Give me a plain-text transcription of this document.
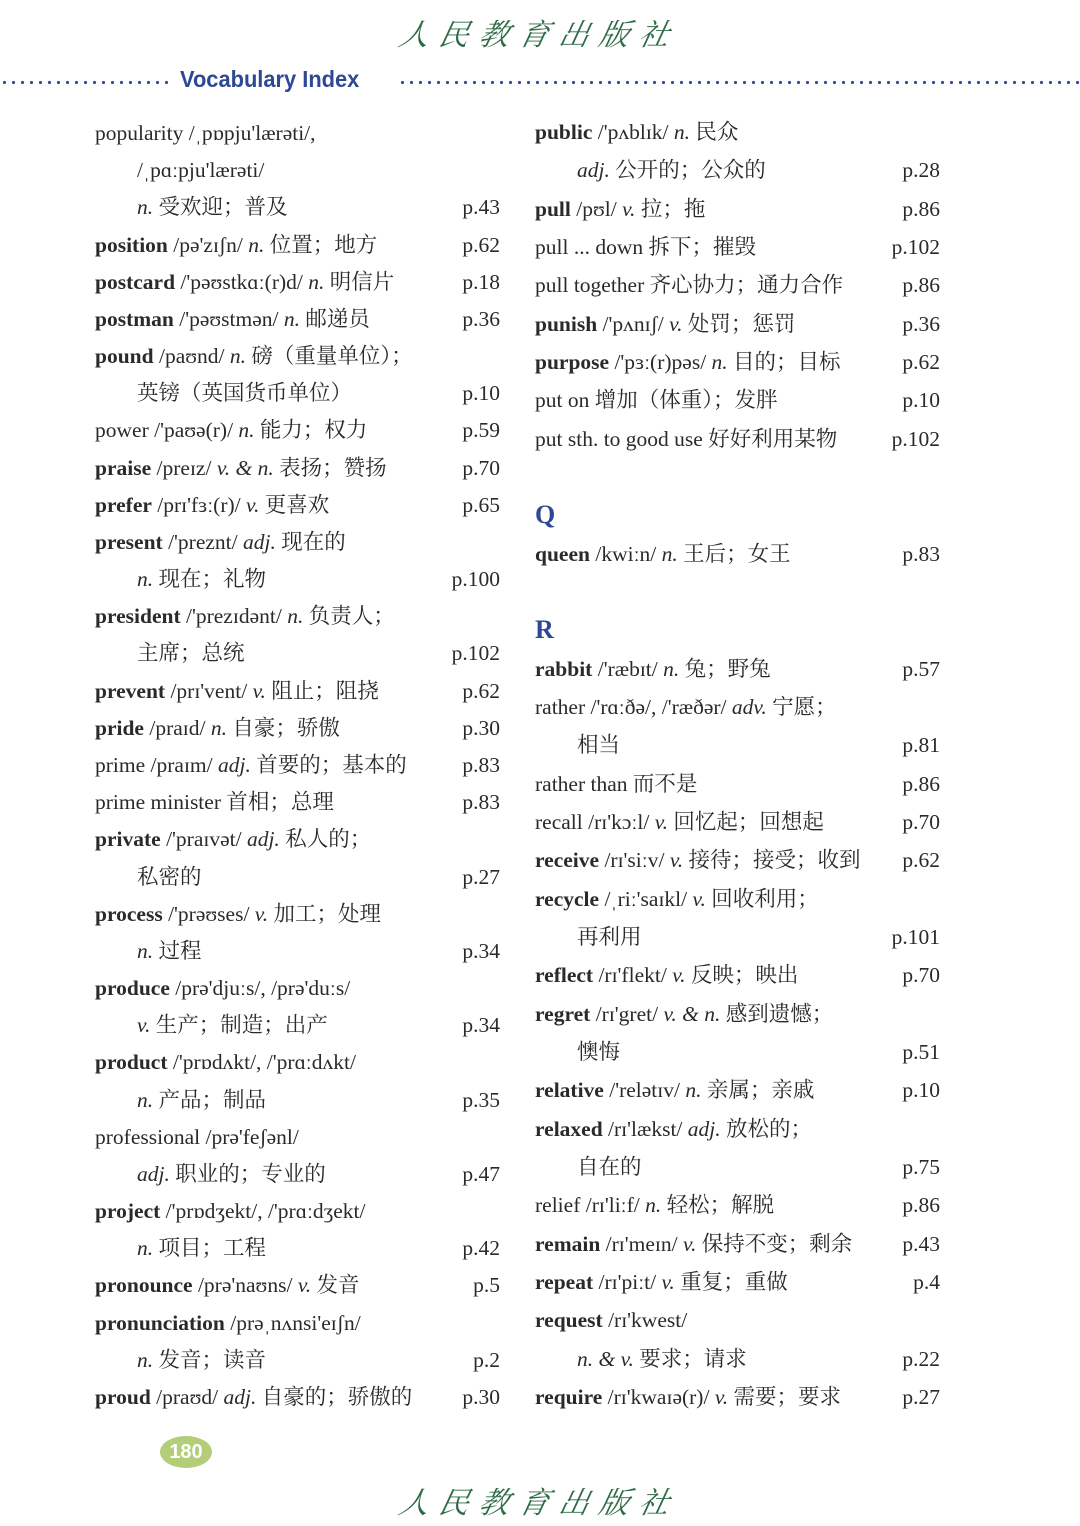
人民教育出版社
Vocabulary Index
popularity /ˌpɒpju'lærəti/,
/ˌpɑːpju'lærəti/
n. 受欢迎；普及	p.43
position /pə'zɪʃn/ n. 位置；地方	p.62
postcard /'pəʊstkɑː(r)d/ n. 明信片	p.18
postman /'pəʊstmən/ n. 邮递员	p.36
pound /paʊnd/ n. 磅（重量单位）；
英镑（英国货币单位）	p.10
power /'paʊə(r)/ n. 能力；权力	p.59
praise /preɪz/ v. & n. 表扬；赞扬	p.70
prefer /prɪ'fɜː(r)/ v. 更喜欢	p.65
present /'preznt/ adj. 现在的
n. 现在；礼物	p.100
president /'prezɪdənt/ n. 负责人；
主席；总统	p.102
prevent /prɪ'vent/ v. 阻止；阻挠	p.62
pride /praɪd/ n. 自豪；骄傲	p.30
prime /praɪm/ adj. 首要的；基本的	p.83
prime minister 首相；总理	p.83
private /'praɪvət/ adj. 私人的；
私密的	p.27
process /'prəʊses/ v. 加工；处理
n. 过程	p.34
produce /prə'djuːs/, /prə'duːs/
v. 生产；制造；出产	p.34
product /'prɒdʌkt/, /'prɑːdʌkt/
n. 产品；制品	p.35
professional /prə'feʃənl/
adj. 职业的；专业的	p.47
project /'prɒdʒekt/, /'prɑːdʒekt/
n. 项目；工程	p.42
pronounce /prə'naʊns/ v. 发音	p.5
pronunciation /prəˌnʌnsi'eɪʃn/
n. 发音；读音	p.2
proud /praʊd/ adj. 自豪的；骄傲的 p.30
public /'pʌblɪk/ n. 民众
adj. 公开的；公众的	p.28
pull /pʊl/ v. 拉；拖	p.86
pull ... down 拆下；摧毁	p.102
pull together 齐心协力；通力合作	p.86
punish /'pʌnɪʃ/ v. 处罚；惩罚	p.36
purpose /'pɜː(r)pəs/ n. 目的；目标	p.62
put on 增加（体重）；发胖	p.10
put sth. to good use 好好利用某物	p.102
Q
queen /kwiːn/ n. 王后；女王	p.83
R
rabbit /'ræbɪt/ n. 兔；野兔	p.57
rather /'rɑːðə/, /'ræðər/ adv. 宁愿；
相当	p.81
rather than 而不是	p.86
recall /rɪ'kɔːl/ v. 回忆起；回想起	p.70
receive /rɪ'siːv/ v. 接待；接受；收到 p.62
recycle /ˌriː'saɪkl/ v. 回收利用；
再利用	p.101
reflect /rɪ'flekt/ v. 反映；映出	p.70
regret /rɪ'gret/ v. & n. 感到遗憾；
懊悔	p.51
relative /'relətɪv/ n. 亲属；亲戚	p.10
relaxed /rɪ'lækst/ adj. 放松的；
自在的	p.75
relief /rɪ'liːf/ n. 轻松；解脱	p.86
remain /rɪ'meɪn/ v. 保持不变；剩余 p.43
repeat /rɪ'piːt/ v. 重复；重做	p.4
request /rɪ'kwest/
n. & v. 要求；请求	p.22
require /rɪ'kwaɪə(r)/ v. 需要；要求	p.27
180
人民教育出版社
